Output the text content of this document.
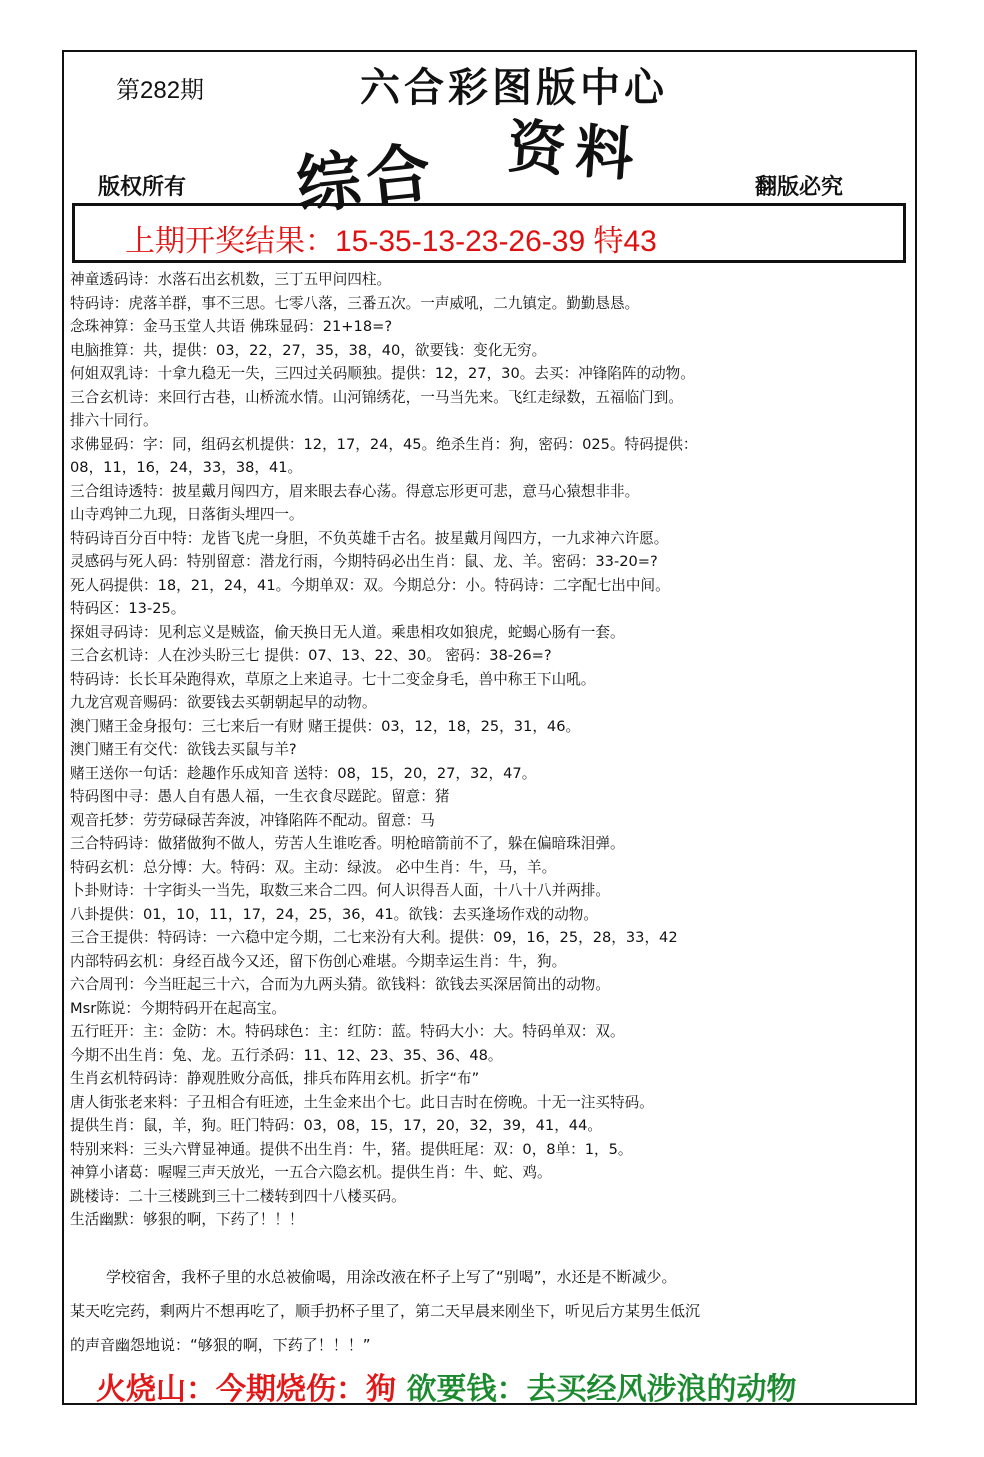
第282期	六合彩图版中心
综合 资料
版权所有	翻版必究
上期开奖结果：15-35-13-23-26-39 特43
神童透码诗：水落石出玄机数，三丁五甲问四柱。
特码诗：虎落羊群，事不三思。七零八落，三番五次。一声威吼，二九镇定。勤勤恳恳。
念珠神算：金马玉堂人共语 佛珠显码：21+18=?
电脑推算：共，提供：03，22，27，35，38，40，欲要钱：变化无穷。
何姐双乳诗：十拿九稳无一失，三四过关码顺独。提供：12，27，30。去买：冲锋陷阵的动物。
三合玄机诗：来回行古巷，山桥流水情。山河锦绣花，一马当先来。飞红走绿数，五福临门到。
排六十同行。
求佛显码：字：同，组码玄机提供：12，17，24，45。绝杀生肖：狗，密码：025。特码提供：
08，11，16，24，33，38，41。
三合组诗透特：披星戴月闯四方，眉来眼去春心荡。得意忘形更可悲，意马心猿想非非。
山寺鸡钟二九现，日落街头埋四一。
特码诗百分百中特：龙皆飞虎一身胆，不负英雄千古名。披星戴月闯四方，一九求神六许愿。
灵感码与死人码：特别留意：潜龙行雨，今期特码必出生肖：鼠、龙、羊。密码：33-20=?
死人码提供：18，21，24，41。今期单双：双。今期总分：小。特码诗：二字配七出中间。
特码区：13-25。
探姐寻码诗：见利忘义是贼盗，偷天换日无人道。乘患相攻如狼虎，蛇蝎心肠有一套。
三合玄机诗：人在沙头盼三七 提供：07、13、22、30。 密码：38-26=?
特码诗：长长耳朵跑得欢，草原之上来追寻。七十二变金身毛，兽中称王下山吼。
九龙宫观音赐码：欲要钱去买朝朝起早的动物。
澳门赌王金身报句：三七来后一有财 赌王提供：03，12，18，25，31，46。
澳门赌王有交代：欲钱去买鼠与羊?
赌王送你一句话：趁趣作乐成知音 送特：08，15，20，27，32，47。
特码图中寻：愚人自有愚人福，一生衣食尽蹉跎。留意：猪
观音托梦：劳劳碌碌苦奔波，冲锋陷阵不配动。留意：马
三合特码诗：做猪做狗不做人，劳苦人生谁吃香。明枪暗箭前不了，躲在偏暗珠泪弹。
特码玄机：总分博：大。特码：双。主动：绿波。 必中生肖：牛，马，羊。
卜卦财诗：十字街头一当先，取数三来合二四。何人识得吾人面，十八十八并两排。
八卦提供：01，10，11，17，24，25，36，41。欲钱：去买逢场作戏的动物。
三合王提供：特码诗：一六稳中定今期，二七来汾有大利。提供：09，16，25，28，33，42
内部特码玄机：身经百战今又还，留下伤创心难堪。今期幸运生肖：牛，狗。
六合周刊：今当旺起三十六，合而为九两头猜。欲钱料：欲钱去买深居简出的动物。
Msr陈说：今期特码开在起高宝。
五行旺开：主：金防：木。特码球色：主：红防：蓝。特码大小：大。特码单双：双。
今期不出生肖：兔、龙。五行杀码：11、12、23、35、36、48。
生肖玄机特码诗：静观胜败分高低，排兵布阵用玄机。折字“布”
唐人街张老来料：子丑相合有旺迹，土生金来出个七。此日吉时在傍晚。十无一注买特码。
提供生肖：鼠，羊，狗。旺门特码：03，08，15，17，20，32，39，41，44。
特别来料：三头六臂显神通。提供不出生肖：牛，猪。提供旺尾：双：0，8单：1，5。
神算小诸葛：喔喔三声天放光，一五合六隐玄机。提供生肖：牛、蛇、鸡。
跳楼诗：二十三楼跳到三十二楼转到四十八楼买码。
生活幽默：够狠的啊，下药了！！！

学校宿舍，我杯子里的水总被偷喝，用涂改液在杯子上写了“别喝”，水还是不断减少。

某天吃完药，剩两片不想再吃了，顺手扔杯子里了，第二天早晨来刚坐下，听见后方某男生低沉

的声音幽怨地说：“够狠的啊，下药了！！！”

火烧山：今期烧伤：狗 欲要钱：去买经风涉浪的动物
